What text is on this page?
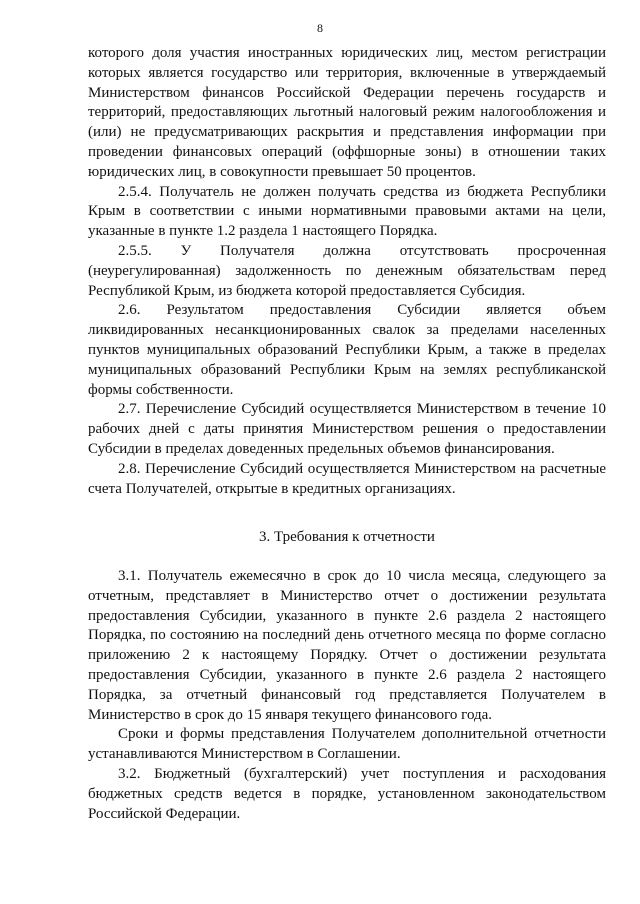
8

которого доля участия иностранных юридических лиц, местом регистрации которых является государство или территория, включенные в утверждаемый Министерством финансов Российской Федерации перечень государств и территорий, предоставляющих льготный налоговый режим налогообложения и (или) не предусматривающих раскрытия и представления информации при проведении финансовых операций (оффшорные зоны) в отношении таких юридических лиц, в совокупности превышает 50 процентов.

2.5.4. Получатель не должен получать средства из бюджета Республики Крым в соответствии с иными нормативными правовыми актами на цели, указанные в пункте 1.2 раздела 1 настоящего Порядка.

2.5.5. У Получателя должна отсутствовать просроченная (неурегулированная) задолженность по денежным обязательствам перед Республикой Крым, из бюджета которой предоставляется Субсидия.

2.6. Результатом предоставления Субсидии является объем ликвидированных несанкционированных свалок за пределами населенных пунктов муниципальных образований Республики Крым, а также в пределах муниципальных образований Республики Крым на землях республиканской формы собственности.

2.7. Перечисление Субсидий осуществляется Министерством в течение 10 рабочих дней с даты принятия Министерством решения о предоставлении Субсидии в пределах доведенных предельных объемов финансирования.

2.8. Перечисление Субсидий осуществляется Министерством на расчетные счета Получателей, открытые в кредитных организациях.

3. Требования к отчетности

3.1. Получатель ежемесячно в срок до 10 числа месяца, следующего за отчетным, представляет в Министерство отчет о достижении результата предоставления Субсидии, указанного в пункте 2.6 раздела 2 настоящего Порядка, по состоянию на последний день отчетного месяца по форме согласно приложению 2 к настоящему Порядку. Отчет о достижении результата предоставления Субсидии, указанного в пункте 2.6 раздела 2 настоящего Порядка, за отчетный финансовый год представляется Получателем в Министерство в срок до 15 января текущего финансового года.

Сроки и формы представления Получателем дополнительной отчетности устанавливаются Министерством в Соглашении.

3.2. Бюджетный (бухгалтерский) учет поступления и расходования бюджетных средств ведется в порядке, установленном законодательством Российской Федерации.
